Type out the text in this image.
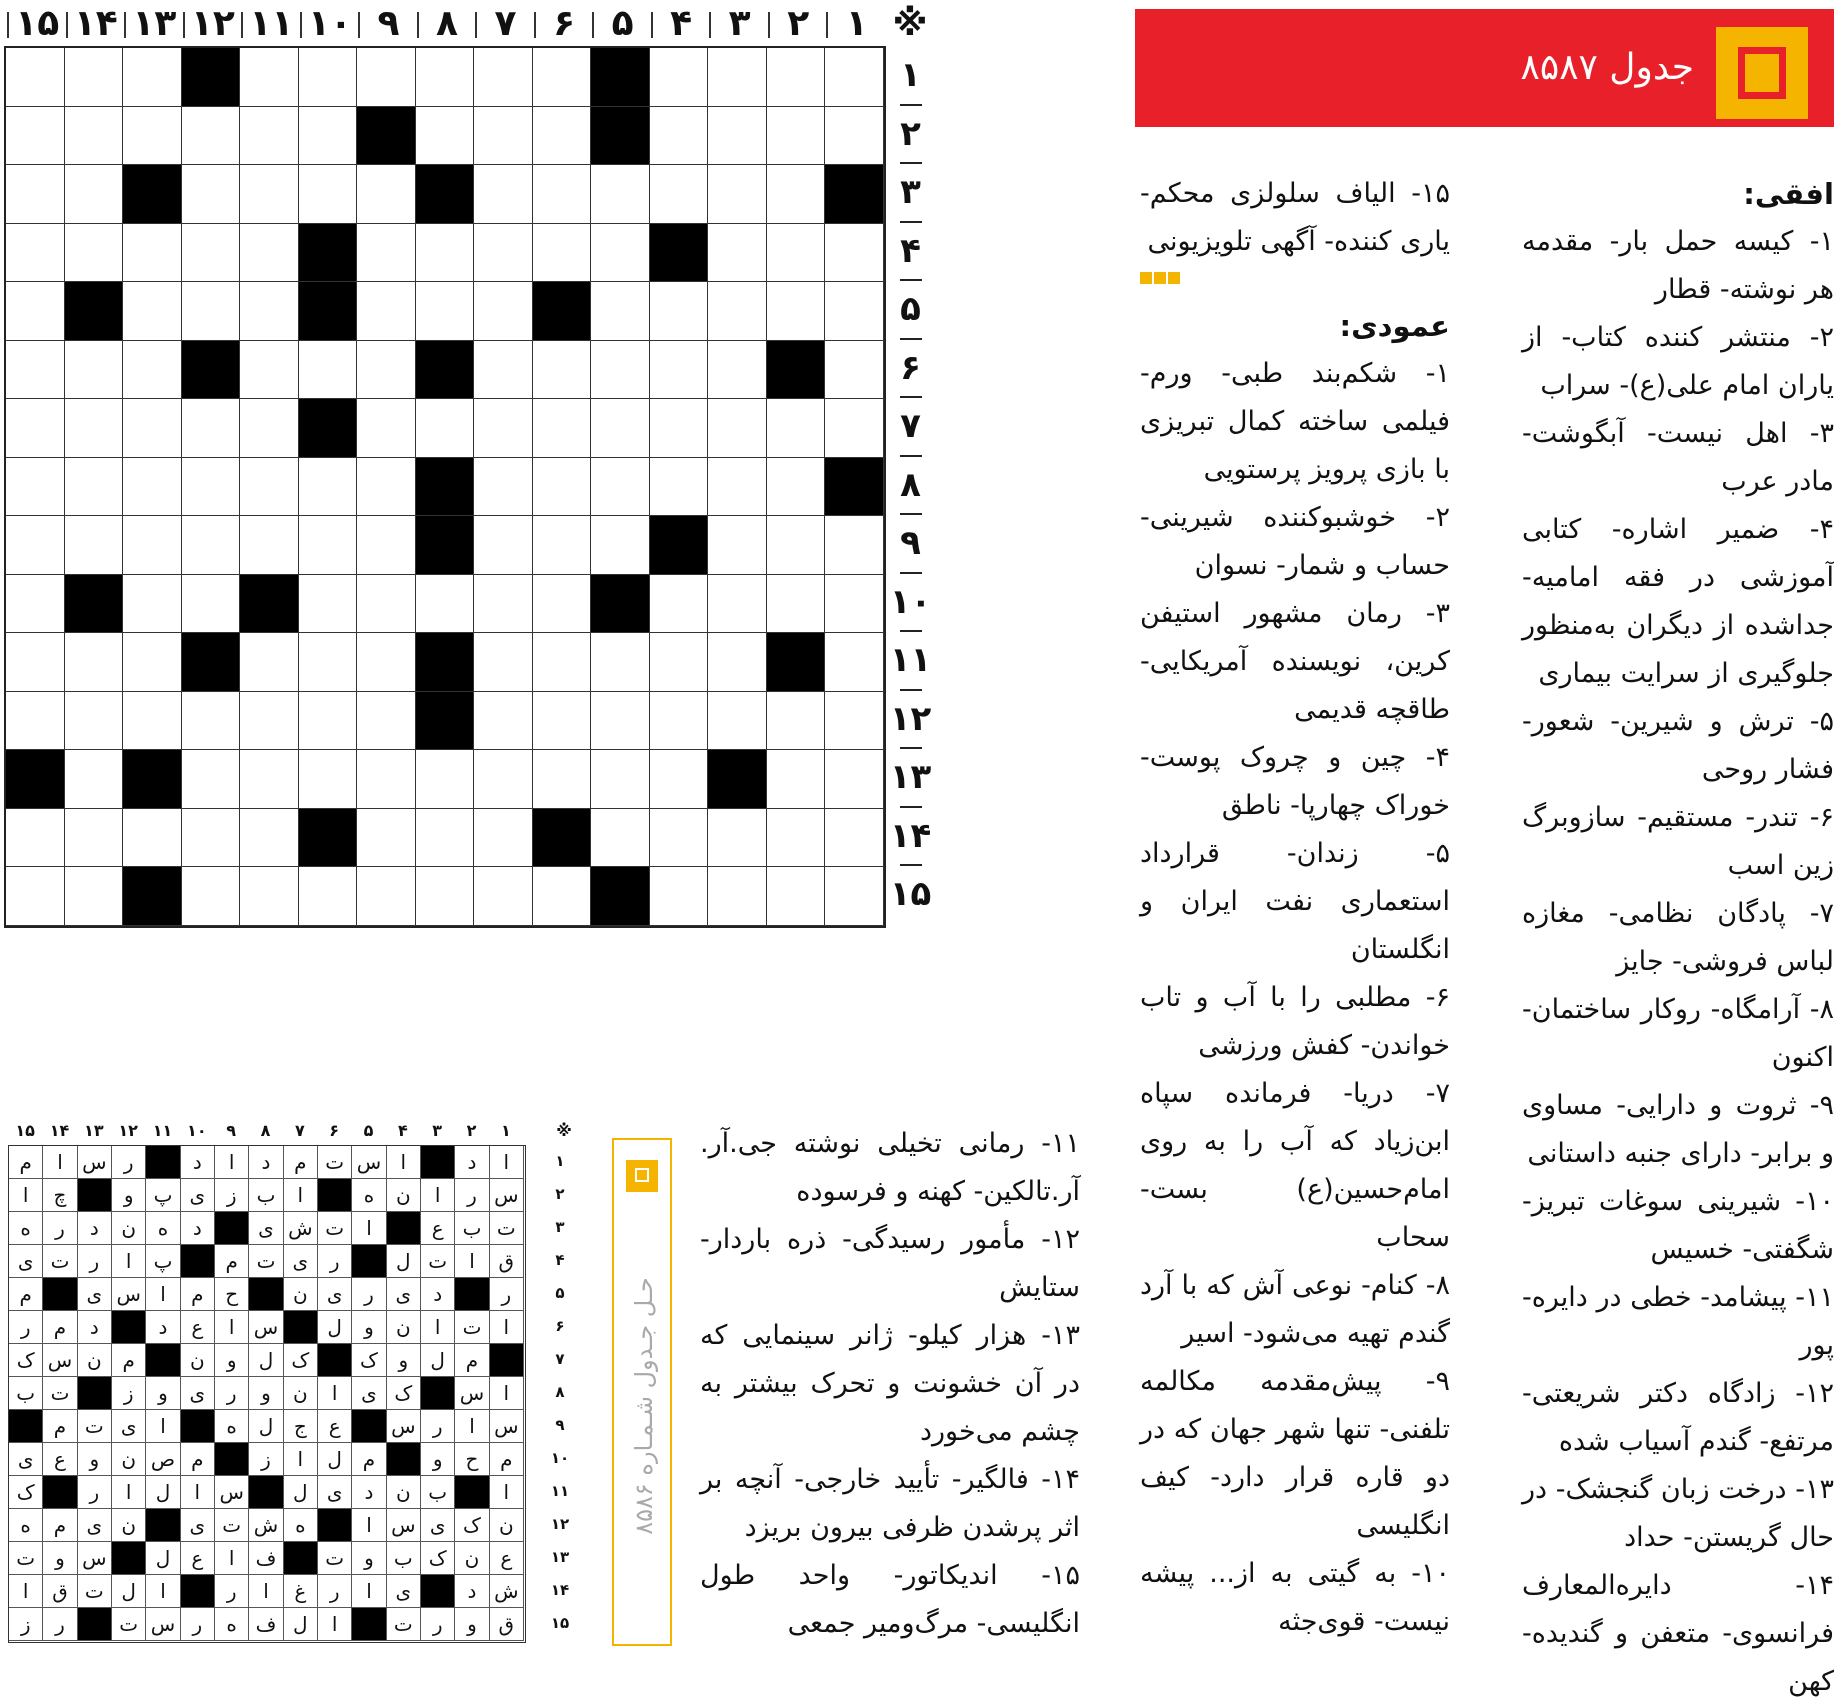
※
۱
۲
۳
۴
۵
۶
۷
۸
۹
۱۰
۱۱
۱۲
۱۳
۱۴
۱۵
۱
۲
۳
۴
۵
۶
۷
۸
۹
۱۰
۱۱
۱۲
۱۳
۱۴
۱۵
جدول ۸۵۸۷
افقی:

۱- کیسه حمل بار- مقدمه هر نوشته- قطار

۲- منتشر کننده کتاب- از یاران امام علی(ع)- سراب

۳- اهل نیست- آبگوشت- مادر عرب

۴- ضمیر اشاره- کتابی آموزشی در فقه امامیه- جداشده از دیگران به‌منظور جلوگیری از سرایت بیماری

۵- ترش و شیرین- شعور- فشار روحی

۶- تندر- مستقیم- سازوبرگ زین اسب

۷- پادگان نظامی- مغازه لباس فروشی- جایز

۸- آرامگاه- روکار ساختمان- اکنون

۹- ثروت و دارایی- مساوی و برابر- دارای جنبه داستانی

۱۰- شیرینی سوغات تبریز- شگفتی- خسیس

۱۱- پیشامد- خطی در دایره- پور

۱۲- زادگاه دکتر شریعتی- مرتفع- گندم آسیاب شده

۱۳- درخت زبان گنجشک- در حال گریستن- حداد

۱۴- دایره‌المعارف فرانسوی- متعفن و گندیده- کهن

۱۵- الیاف سلولزی محکم- یاری کننده- آگهی تلویزیونی

عمودی:

۱- شکم‌بند طبی- ورم- فیلمی ساخته کمال تبریزی با بازی پرویز پرستویی

۲- خوشبوکننده شیرینی- حساب و شمار- نسوان

۳- رمان مشهور استیفن کرین، نویسنده آمریکایی- طاقچه قدیمی

۴- چین و چروک پوست- خوراک چهارپا- ناطق

۵- زندان- قرارداد استعماری نفت ایران و انگلستان

۶- مطلبی را با آب و تاب خواندن- کفش ورزشی

۷- دریا- فرمانده سپاه ابن‌زیاد که آب را به روی امام‌حسین(ع) بست- سحاب

۸- کنام- نوعی آش که با آرد گندم تهیه می‌شود- اسیر

۹- پیش‌مقدمه مکالمه تلفنی- تنها شهر جهان که در دو قاره قرار دارد- کیف انگلیسی

۱۰- به گیتی به از... پیشه نیست- قوی‌جثه

۱۱- رمانی تخیلی نوشته جی.آر. آر.تالکین- کهنه و فرسوده

۱۲- مأمور رسیدگی- ذره باردار- ستایش

۱۳- هزار کیلو- ژانر سینمایی که در آن خشونت و تحرک بیشتر به چشم می‌خورد

۱۴- فالگیر- تأیید خارجی- آنچه بر اثر پرشدن ظرفی بیرون بریزد

۱۵- اندیکاتور- واحد طول انگلیسی- مرگ‌ومیر جمعی

حـل جـدول شـمـاره ۸۵۸۶
※
۱
۲
۳
۴
۵
۶
۷
۸
۹
۱۰
۱۱
۱۲
۱۳
۱۴
۱۵
ا
د
ا
س
ت
م
د
ا
د
ر
س
ا
م
س
ر
ا
ن
ه
ا
ب
ز
ی
پ
و
چ
ا
ت
ب
ع
ا
ت
ش
ی
د
ه
ن
د
ر
ه
ق
ا
ت
ل
ر
ی
ت
م
پ
ا
ر
ت
ی
ر
د
ی
ر
ی
ن
ح
م
ا
س
ی
م
ا
ت
ا
ن
و
ل
س
ا
ع
د
د
م
ر
م
ل
و
ک
ک
ل
و
ن
م
ن
س
ک
ا
س
ک
ی
ا
ن
و
ر
ی
و
ز
ت
ب
س
ا
ر
س
ع
ج
ل
ه
ا
ی
ت
م
م
ح
و
م
ل
ا
ز
م
ص
ن
و
ع
ی
ا
ب
ن
د
ی
ل
س
ا
ل
ا
ر
ک
ن
ک
ی
س
ا
ه
ش
ت
ی
ن
ی
م
ه
ع
ن
ک
ب
و
ت
ف
ا
ع
ل
س
و
ت
ش
د
ی
ا
ر
غ
ا
ر
ا
ل
ت
ق
ا
ق
و
ر
ت
ا
ل
ف
ه
ر
س
ت
ر
ز
۱
۲
۳
۴
۵
۶
۷
۸
۹
۱۰
۱۱
۱۲
۱۳
۱۴
۱۵
